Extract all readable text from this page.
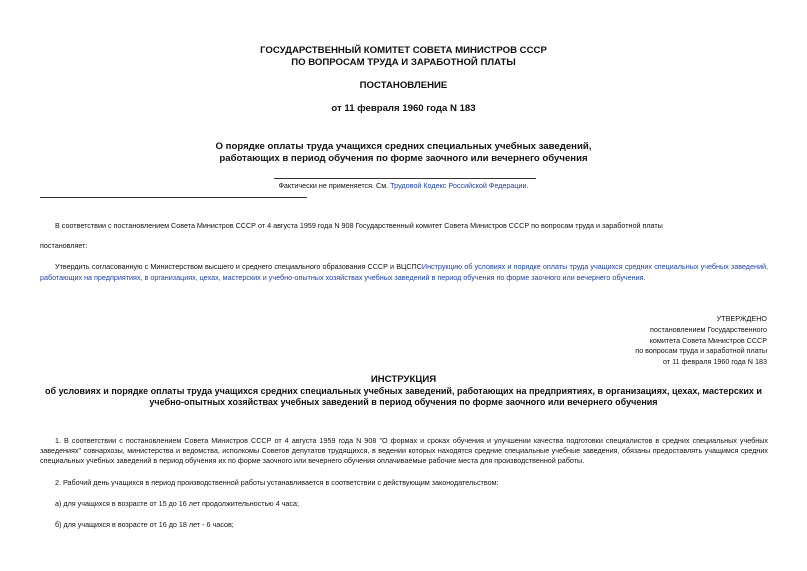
ГОСУДАРСТВЕННЫЙ КОМИТЕТ СОВЕТА МИНИСТРОВ СССР
ПО ВОПРОСАМ ТРУДА И ЗАРАБОТНОЙ ПЛАТЫ
ПОСТАНОВЛЕНИЕ
от 11 февраля 1960 года N 183
О порядке оплаты труда учащихся средних специальных учебных заведений,
работающих в период обучения по форме заочного или вечернего обучения
Фактически не применяется. См. Трудовой Кодекс Российской Федерации.
В соответствии с постановлением Совета Министров СССР от 4 августа 1959 года N 908 Государственный комитет Совета Министров СССР по вопросам труда и заработной платы
постановляет:
Утвердить согласованную с Министерством высшего и среднего специального образования СССР и ВЦСПСИнструкцию об условиях и порядке оплаты труда учащихся средних специальных учебных заведений, работающих на предприятиях, в организациях, цехах, мастерских и учебно-опытных хозяйствах учебных заведений в период обучения по форме заочного или вечернего обучения.
УТВЕРЖДЕНО
постановлением Государственного
комитета Совета Министров СССР
по вопросам труда и заработной платы
от 11 февраля 1960 года N 183
ИНСТРУКЦИЯ
об условиях и порядке оплаты труда учащихся средних специальных учебных заведений, работающих на предприятиях, в организациях, цехах, мастерских и
учебно-опытных хозяйствах учебных заведений в период обучения по форме заочного или вечернего обучения
1. В соответствии с постановлением Совета Министров СССР от 4 августа 1959 года N 908 "О формах и сроках обучения и улучшении качества подготовки специалистов в средних специальных учебных заведениях" совнархозы, министерства и ведомства, исполкомы Советов депутатов трудящихся, в ведении которых находятся средние специальные учебные заведения, обязаны предоставлять учащимся средних специальных учебных заведений в период обучения их по форме заочного или вечернего обучения оплачиваемые рабочие места для производственной работы.
2. Рабочий день учащихся в период производственной работы устанавливается в соответствии с действующим законодательством:
а) для учащихся в возрасте от 15 до 16 лет продолжительностью 4 часа;
б) для учащихся в возрасте от 16 до 18 лет - 6 часов;
